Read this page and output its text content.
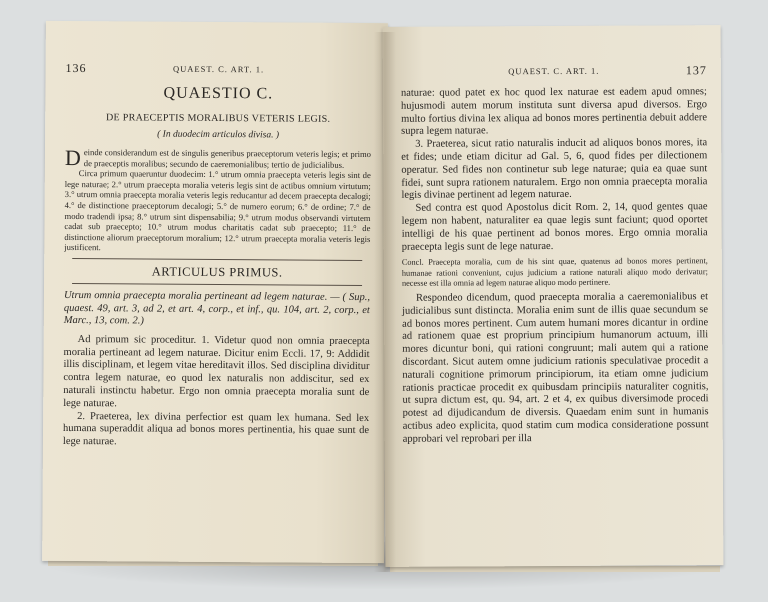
136	QUAEST. C. ART. 1.
QUAESTIO C.
DE PRAECEPTIS MORALIBUS VETERIS LEGIS.
( In duodecim articulos divisa. )

D einde considerandum est de singulis generibus praeceptorum veteris legis; et primo de praeceptis moralibus; secundo de caeremonialibus; tertio de judicialibus.

Circa primum quaeruntur duodecim: 1.° utrum omnia praecepta veteris legis sint de lege naturae; 2.° utrum praecepta moralia veteris legis sint de actibus omnium virtutum; 3.° utrum omnia praecepta moralia veteris legis reducantur ad decem praecepta decalogi; 4.° de distinctione praeceptorum decalogi; 5.° de numero eorum; 6.° de ordine; 7.° de modo tradendi ipsa; 8.° utrum sint dispensabilia; 9.° utrum modus observandi virtutem cadat sub praecepto; 10.° utrum modus charitatis cadat sub praecepto; 11.° de distinctione aliorum praeceptorum moralium; 12.° utrum praecepta moralia veteris legis justificent.

ARTICULUS PRIMUS.

Utrum omnia praecepta moralia pertineant ad legem naturae. — ( Sup., quaest. 49, art. 3, ad 2, et art. 4, corp., et inf., qu. 104, art. 2, corp., et Marc., 13, com. 2.)

Ad primum sic proceditur. 1. Videtur quod non omnia praecepta moralia pertineant ad legem naturae. Dicitur enim Eccli. 17, 9: Addidit illis disciplinam, et legem vitae hereditavit illos. Sed disciplina dividitur contra legem naturae, eo quod lex naturalis non addiscitur, sed ex naturali instinctu habetur. Ergo non omnia praecepta moralia sunt de lege naturae.

2. Praeterea, lex divina perfectior est quam lex humana. Sed lex humana superaddit aliqua ad bonos mores pertinentia, his quae sunt de lege naturae.

QUAEST. C. ART. 1.	137

naturae: quod patet ex hoc quod lex naturae est eadem apud omnes; hujusmodi autem morum instituta sunt diversa apud diversos. Ergo multo fortius divina lex aliqua ad bonos mores pertinentia debuit addere supra legem naturae.

3. Praeterea, sicut ratio naturalis inducit ad aliquos bonos mores, ita et fides; unde etiam dicitur ad Gal. 5, 6, quod fides per dilectionem operatur. Sed fides non continetur sub lege naturae; quia ea quae sunt fidei, sunt supra rationem naturalem. Ergo non omnia praecepta moralia legis divinae pertinent ad legem naturae.

Sed contra est quod Apostolus dicit Rom. 2, 14, quod gentes quae legem non habent, naturaliter ea quae legis sunt faciunt; quod oportet intelligi de his quae pertinent ad bonos mores. Ergo omnia moralia praecepta legis sunt de lege naturae.

Concl. Praecepta moralia, cum de his sint quae, quatenus ad bonos mores pertinent, humanae rationi conveniunt, cujus judicium a ratione naturali aliquo modo derivatur; necesse est illa omnia ad legem naturae aliquo modo pertinere.

Respondeo dicendum, quod praecepta moralia a caeremonialibus et judicialibus sunt distincta. Moralia enim sunt de illis quae secundum se ad bonos mores pertinent. Cum autem humani mores dicantur in ordine ad rationem quae est proprium principium humanorum actuum, illi mores dicuntur boni, qui rationi congruunt; mali autem qui a ratione discordant. Sicut autem omne judicium rationis speculativae procedit a naturali cognitione primorum principiorum, ita etiam omne judicium rationis practicae procedit ex quibusdam principiis naturaliter cognitis, ut supra dictum est, qu. 94, art. 2 et 4, ex quibus diversimode procedi potest ad dijudicandum de diversis. Quaedam enim sunt in humanis actibus adeo explicita, quod statim cum modica consideratione possunt approbari vel reprobari per illa
